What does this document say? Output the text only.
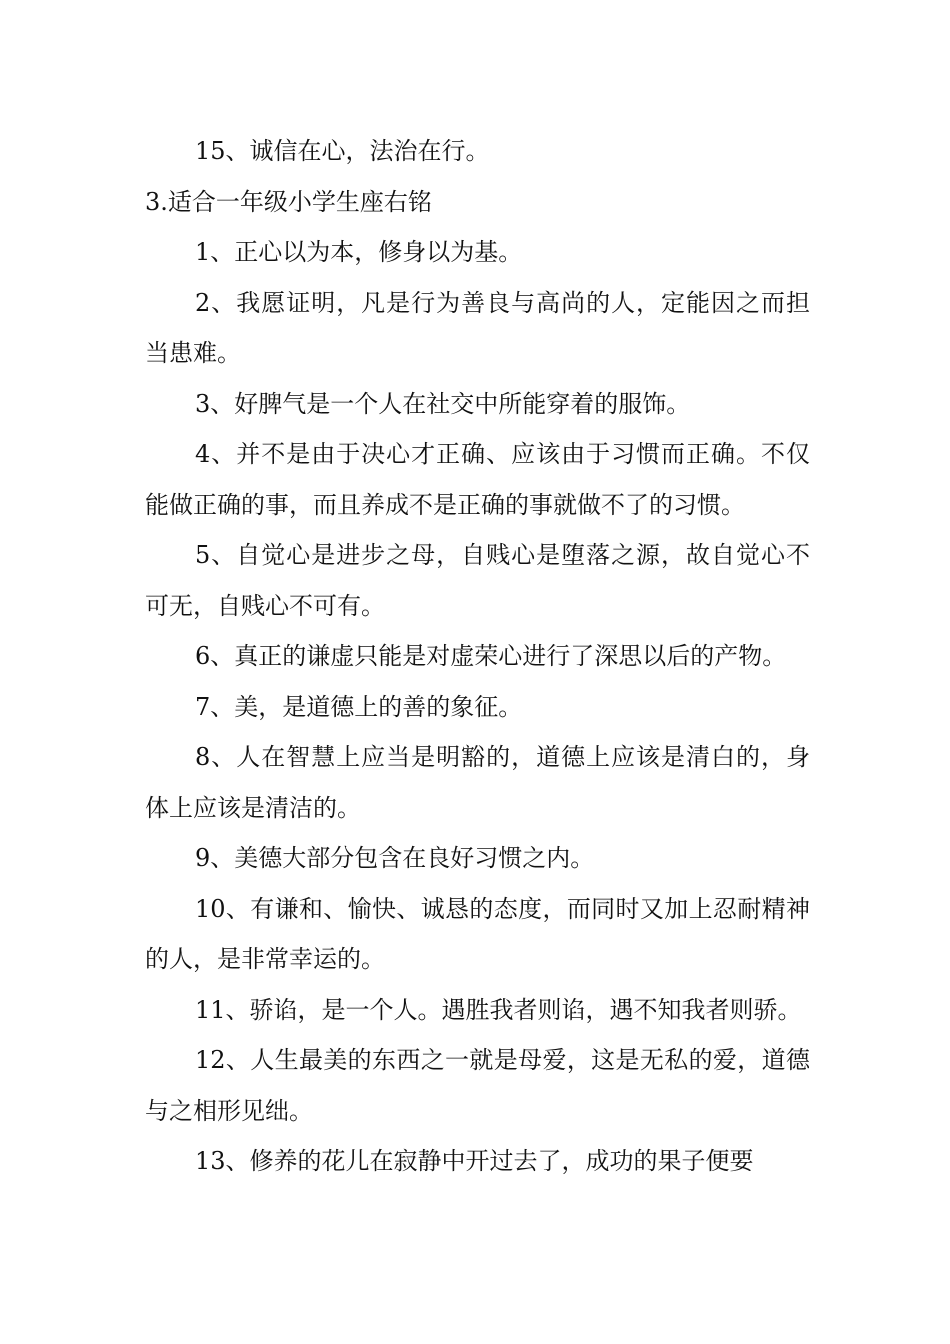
15、诚信在心，法治在行。

3.适合一年级小学生座右铭

1、正心以为本，修身以为基。

2、我愿证明，凡是行为善良与高尚的人，定能因之而担当患难。

3、好脾气是一个人在社交中所能穿着的服饰。

4、并不是由于决心才正确、应该由于习惯而正确。不仅能做正确的事，而且养成不是正确的事就做不了的习惯。

5、自觉心是进步之母，自贱心是堕落之源，故自觉心不可无，自贱心不可有。

6、真正的谦虚只能是对虚荣心进行了深思以后的产物。

7、美，是道德上的善的象征。

8、人在智慧上应当是明豁的，道德上应该是清白的，身体上应该是清洁的。

9、美德大部分包含在良好习惯之内。

10、有谦和、愉快、诚恳的态度，而同时又加上忍耐精神的人，是非常幸运的。

11、骄谄，是一个人。遇胜我者则谄，遇不知我者则骄。

12、人生最美的东西之一就是母爱，这是无私的爱，道德与之相形见绌。

13、修养的花儿在寂静中开过去了，成功的果子便要
